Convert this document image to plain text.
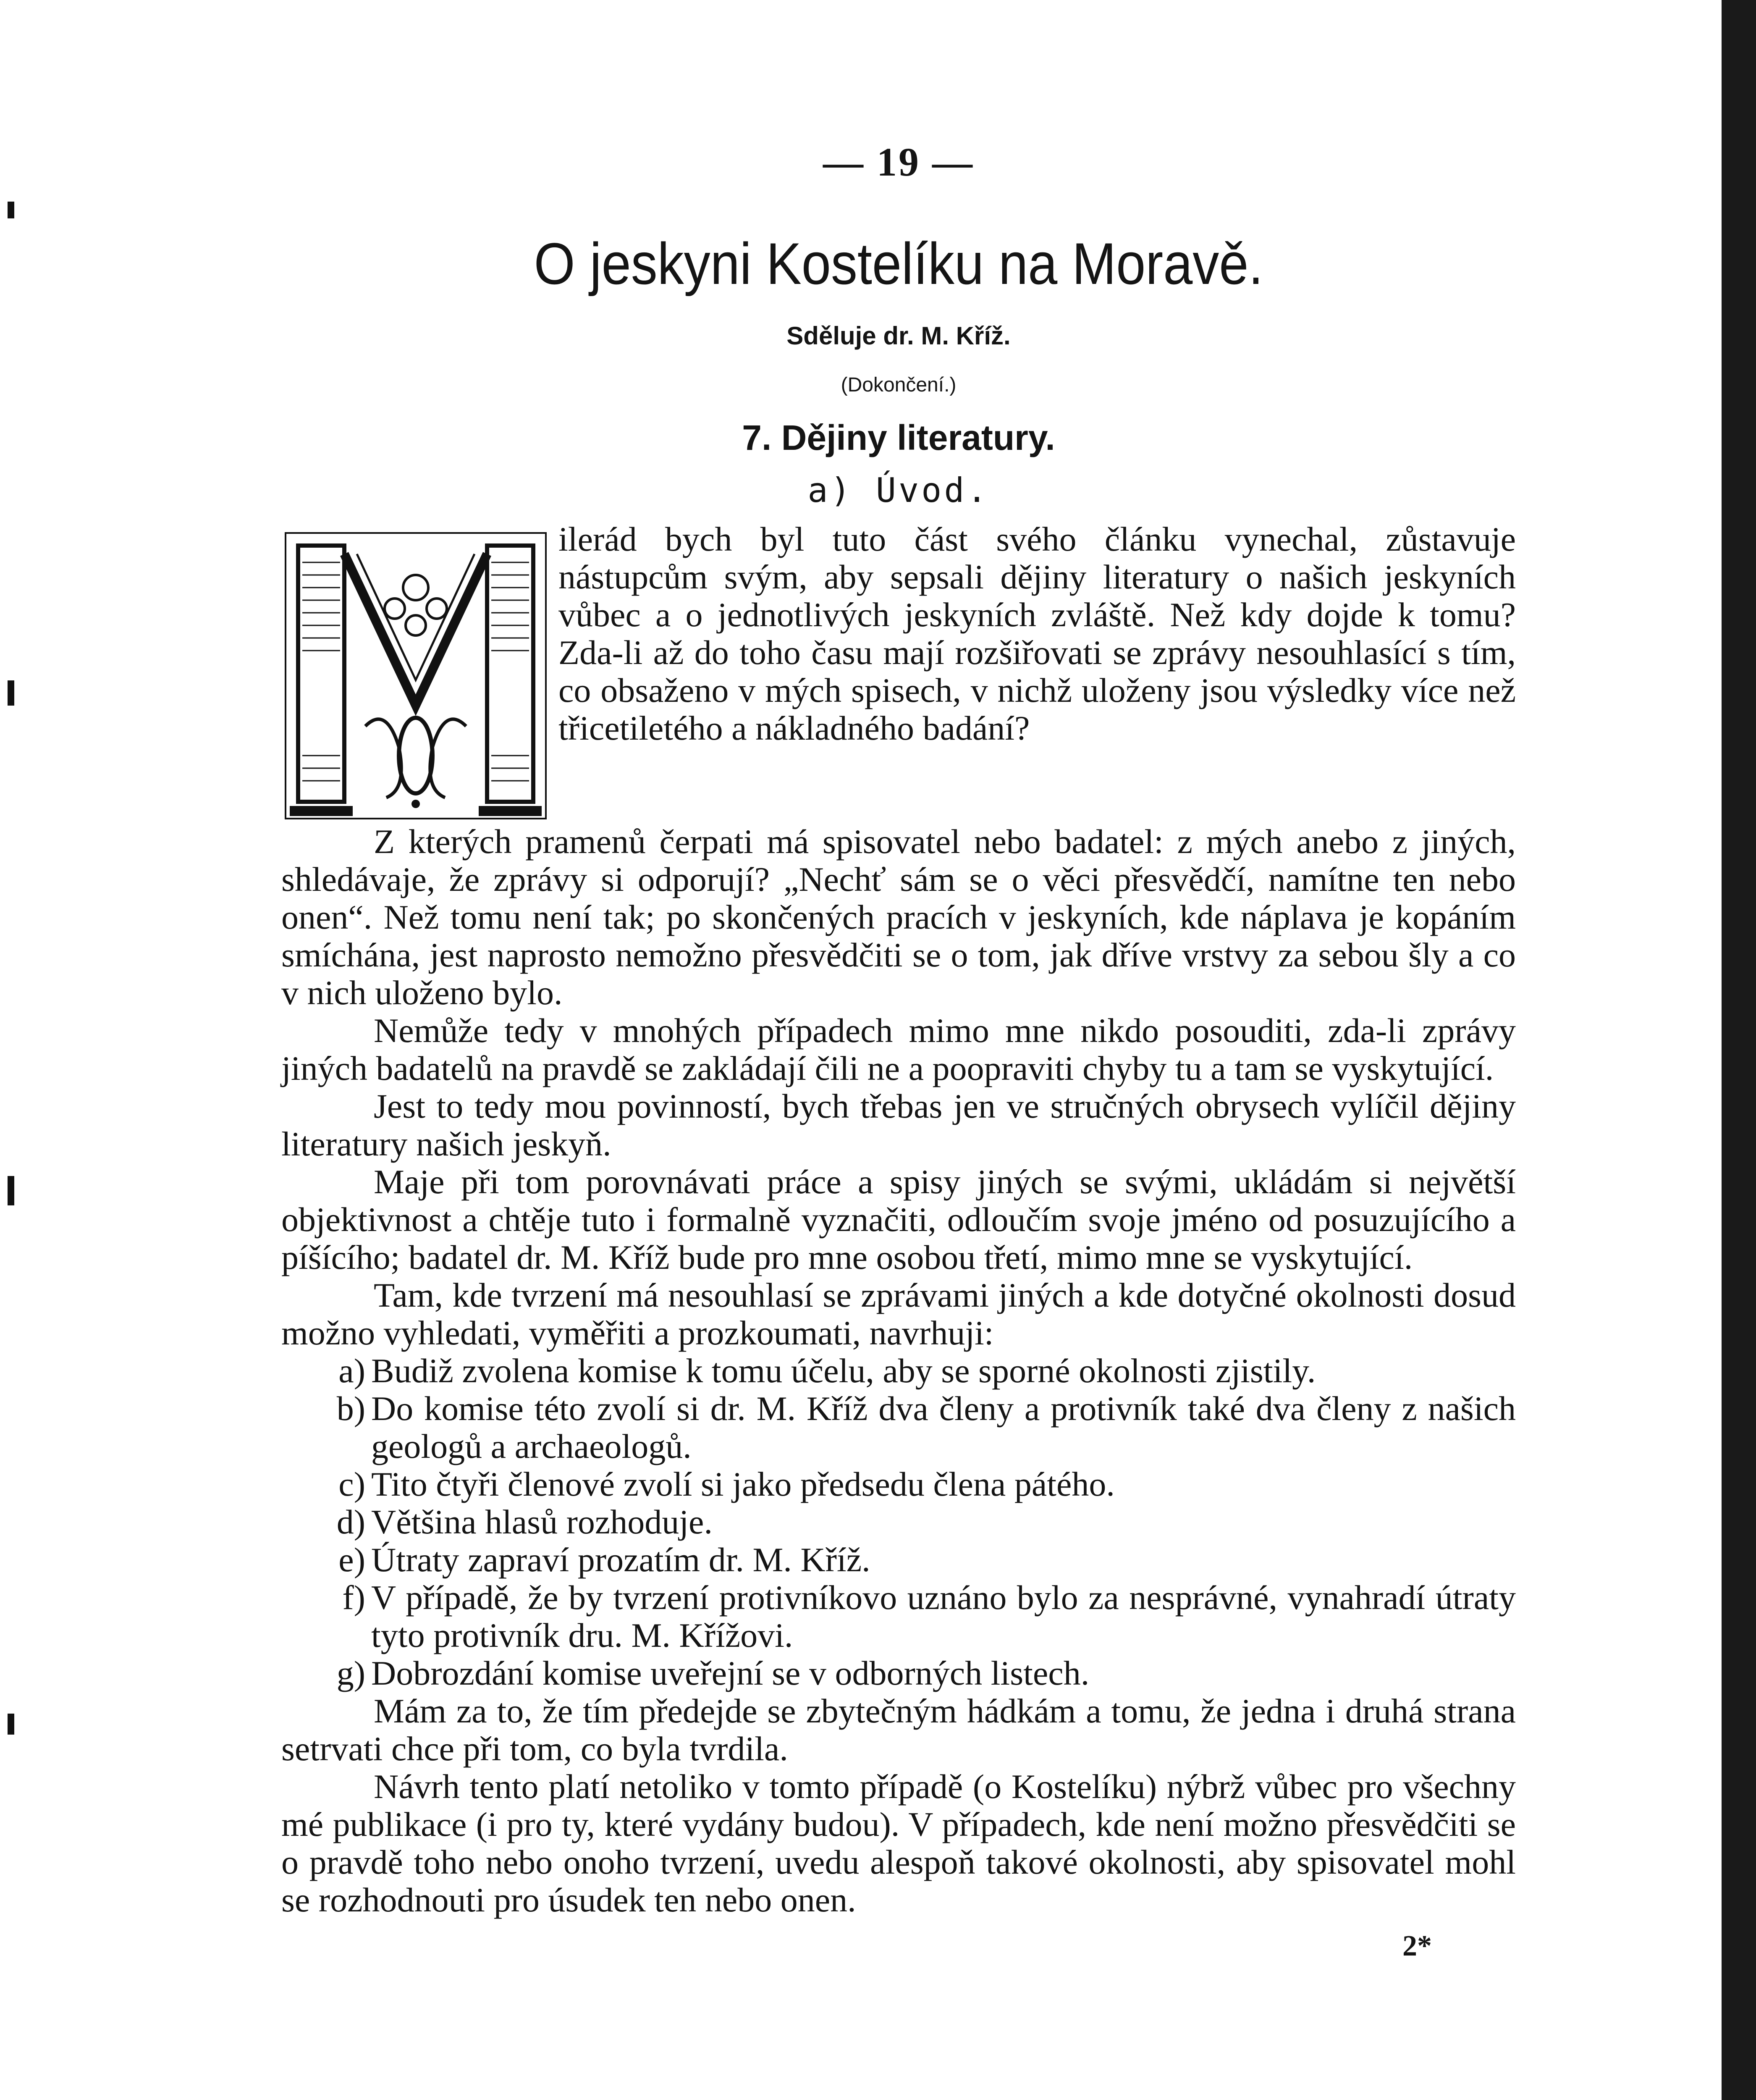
— 19 —
O jeskyni Kostelíku na Moravě.
Sděluje dr. M. Kříž.
(Dokončení.)
7. Dějiny literatury.
a) Úvod.
ilerád bych byl tuto část svého článku vynechal, zůstavuje nástupcům svým, aby sepsali dějiny literatury o našich jeskyních vůbec a o jednotlivých jeskyních zvláště. Než kdy dojde k tomu? Zda-li až do toho času mají rozšiřovati se zprávy nesouhlasící s tím, co obsaženo v mých spisech, v nichž uloženy jsou výsledky více než třicetiletého a nákladného badání?

Z kterých pramenů čerpati má spisovatel nebo badatel: z mých anebo z jiných, shledávaje, že zprávy si odporují? „Nechť sám se o věci přesvědčí, namítne ten nebo onen“. Než tomu není tak; po skončených pracích v jeskyních, kde náplava je kopáním smíchána, jest naprosto nemožno přesvědčiti se o tom, jak dříve vrstvy za sebou šly a co v nich uloženo bylo.

Nemůže tedy v mnohých případech mimo mne nikdo posouditi, zda-li zprávy jiných badatelů na pravdě se zakládají čili ne a poopraviti chyby tu a tam se vyskytující.

Jest to tedy mou povinností, bych třebas jen ve stručných obrysech vylíčil dějiny literatury našich jeskyň.

Maje při tom porovnávati práce a spisy jiných se svými, ukládám si největší objektivnost a chtěje tuto i formalně vyznačiti, odloučím svoje jméno od posuzujícího a píšícího; badatel dr. M. Kříž bude pro mne osobou třetí, mimo mne se vyskytující.

Tam, kde tvrzení má nesouhlasí se zprávami jiných a kde dotyčné okolnosti dosud možno vyhledati, vyměřiti a prozkoumati, navrhuji:

a) Budiž zvolena komise k tomu účelu, aby se sporné okolnosti zjistily.
b) Do komise této zvolí si dr. M. Kříž dva členy a protivník také dva členy z našich geologů a archaeologů.
c) Tito čtyři členové zvolí si jako předsedu člena pátého.
d) Většina hlasů rozhoduje.
e) Útraty zapraví prozatím dr. M. Kříž.
f) V případě, že by tvrzení protivníkovo uznáno bylo za nesprávné, vynahradí útraty tyto protivník dru. M. Křížovi.
g) Dobrozdání komise uveřejní se v odborných listech.

Mám za to, že tím předejde se zbytečným hádkám a tomu, že jedna i druhá strana setrvati chce při tom, co byla tvrdila.

Návrh tento platí netoliko v tomto případě (o Kostelíku) nýbrž vůbec pro všechny mé publikace (i pro ty, které vydány budou). V případech, kde není možno přesvědčiti se o pravdě toho nebo onoho tvrzení, uvedu alespoň takové okolnosti, aby spisovatel mohl se rozhodnouti pro úsudek ten nebo onen.

2*
